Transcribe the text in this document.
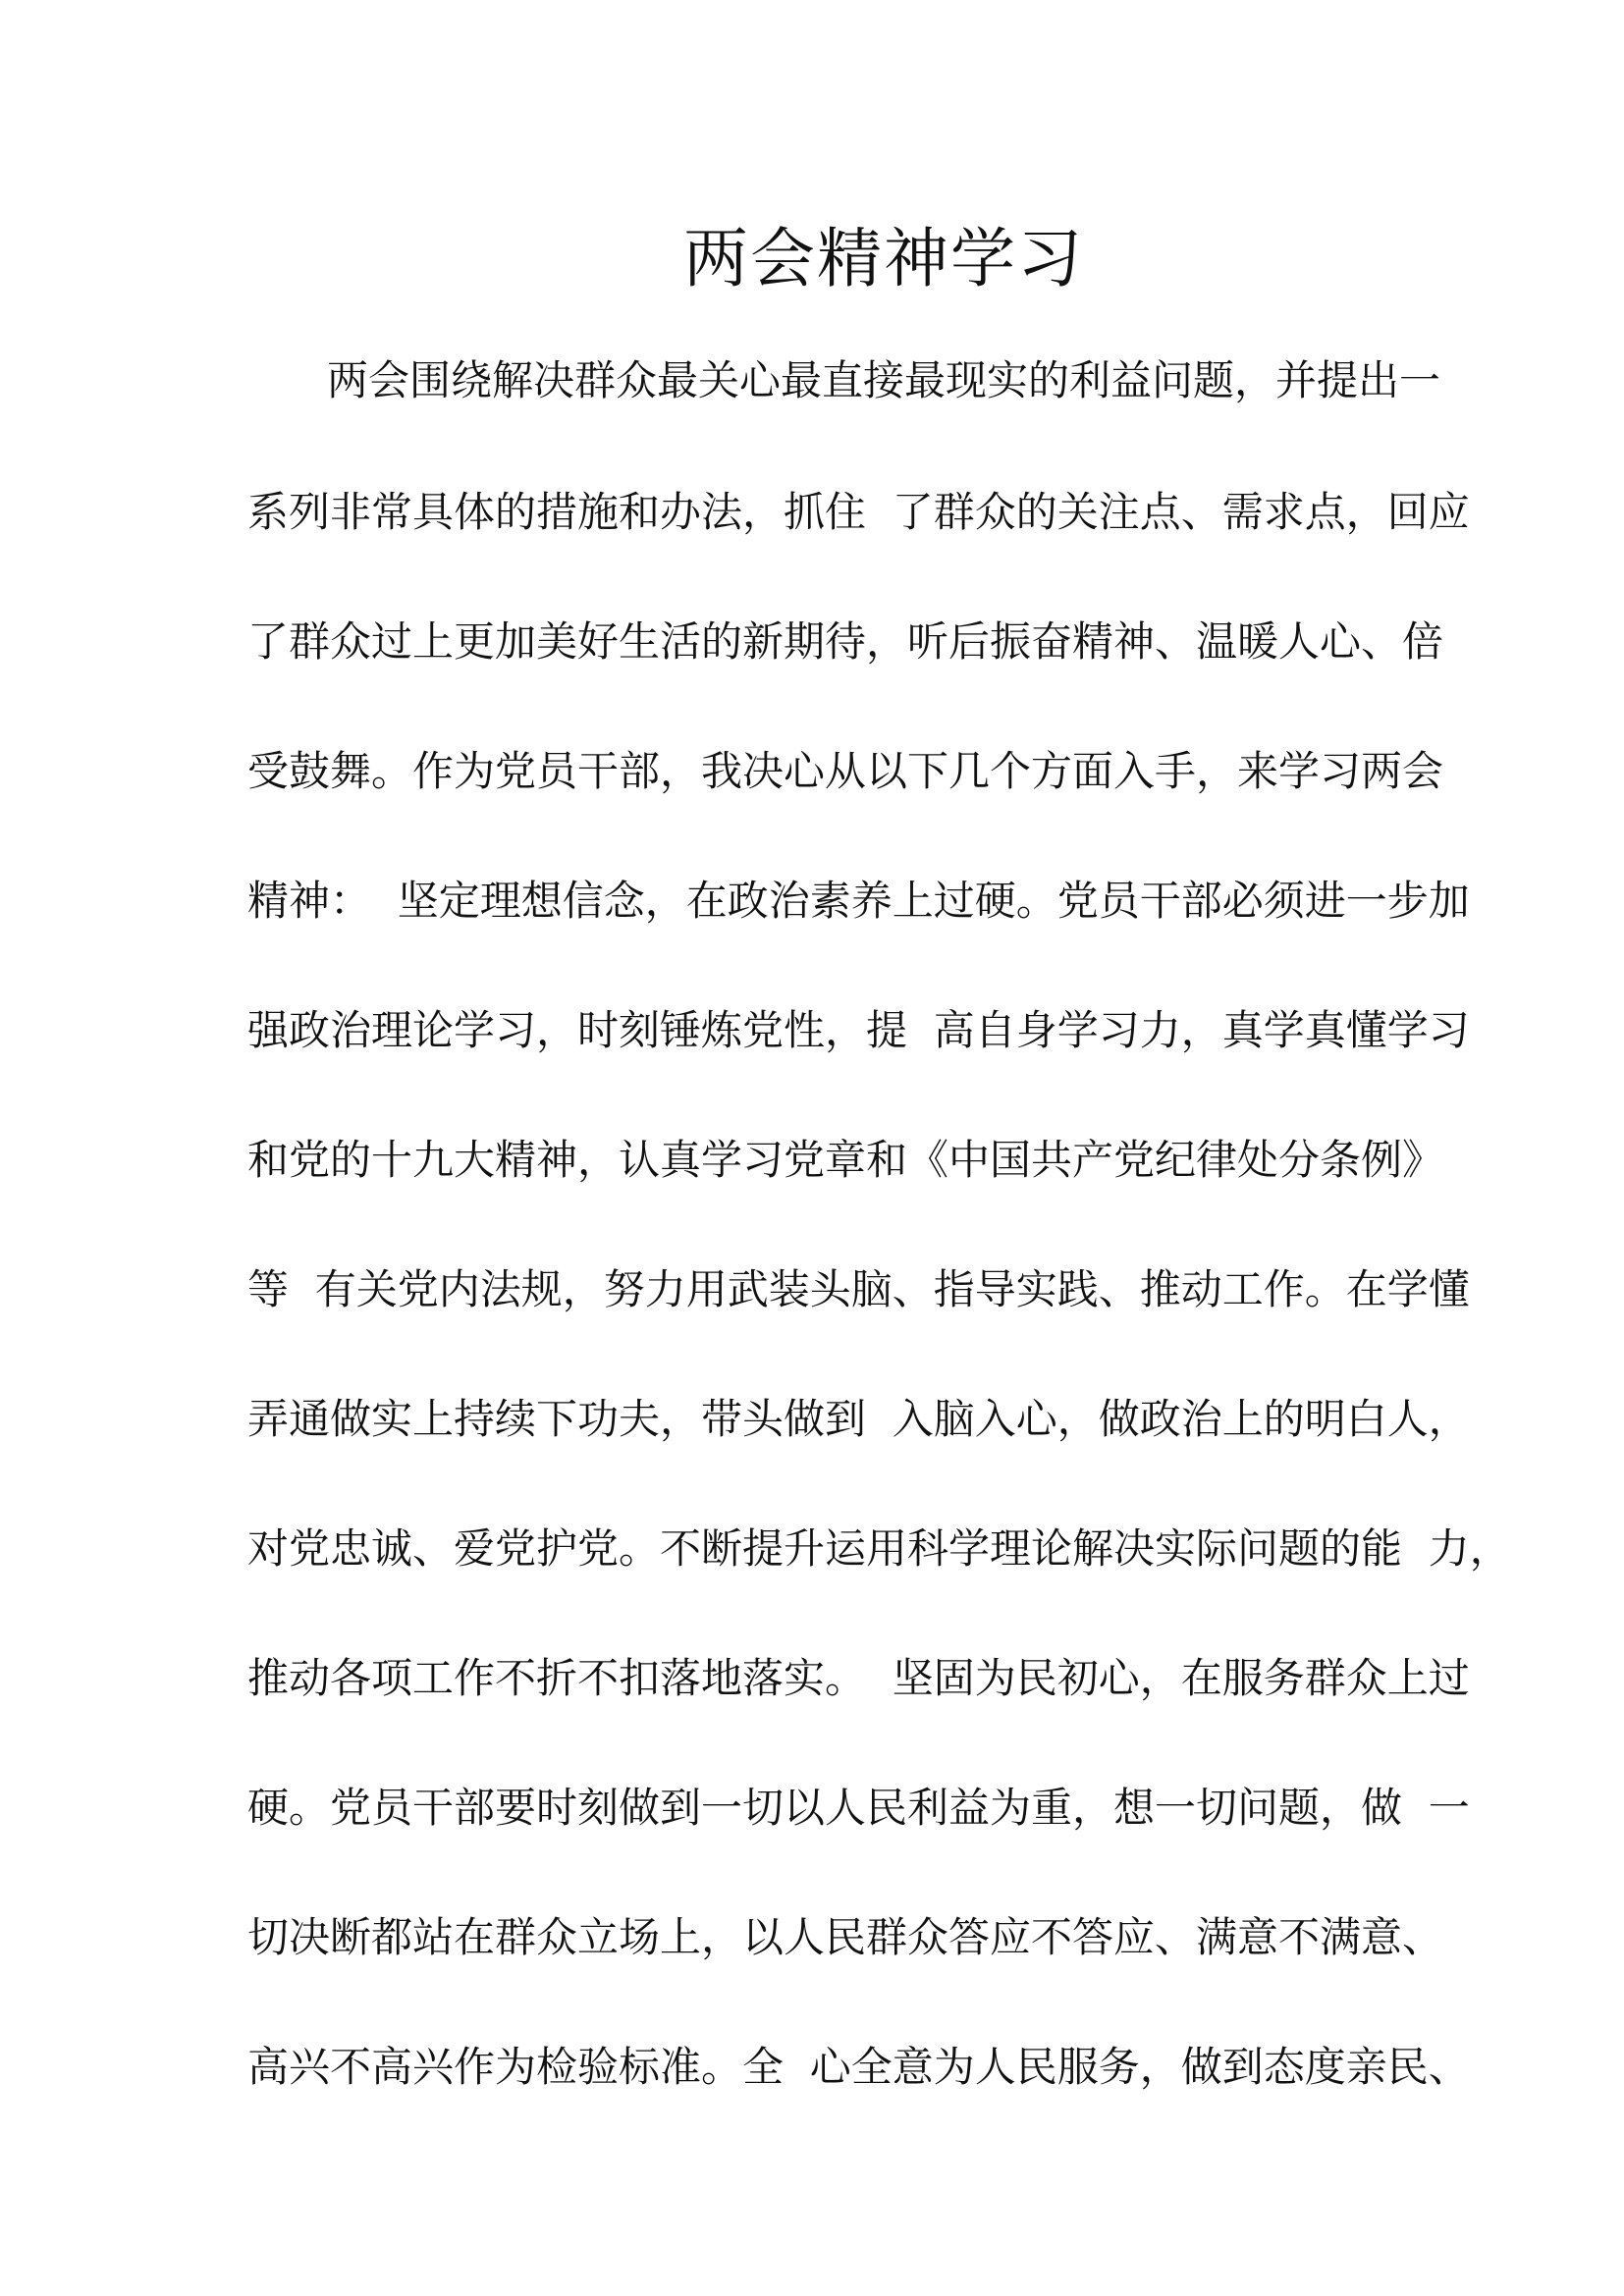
两会精神学习

两会围绕解决群众最关心最直接最现实的利益问题，并提出一

系列非常具体的措施和办法，抓住  了群众的关注点、需求点，回应

了群众过上更加美好生活的新期待，听后振奋精神、温暖人心、倍

受鼓舞。作为党员干部，我决心从以下几个方面入手，来学习两会

精神：  坚定理想信念，在政治素养上过硬。党员干部必须进一步加

强政治理论学习，时刻锤炼党性，提  高自身学习力，真学真懂学习

和党的十九大精神，认真学习党章和《中国共产党纪律处分条例》

等  有关党内法规，努力用武装头脑、指导实践、推动工作。在学懂

弄通做实上持续下功夫，带头做到  入脑入心，做政治上的明白人，

对党忠诚、爱党护党。不断提升运用科学理论解决实际问题的能  力，

推动各项工作不折不扣落地落实。  坚固为民初心，在服务群众上过

硬。党员干部要时刻做到一切以人民利益为重，想一切问题，做  一

切决断都站在群众立场上，以人民群众答应不答应、满意不满意、

高兴不高兴作为检验标准。全  心全意为人民服务，做到态度亲民、
